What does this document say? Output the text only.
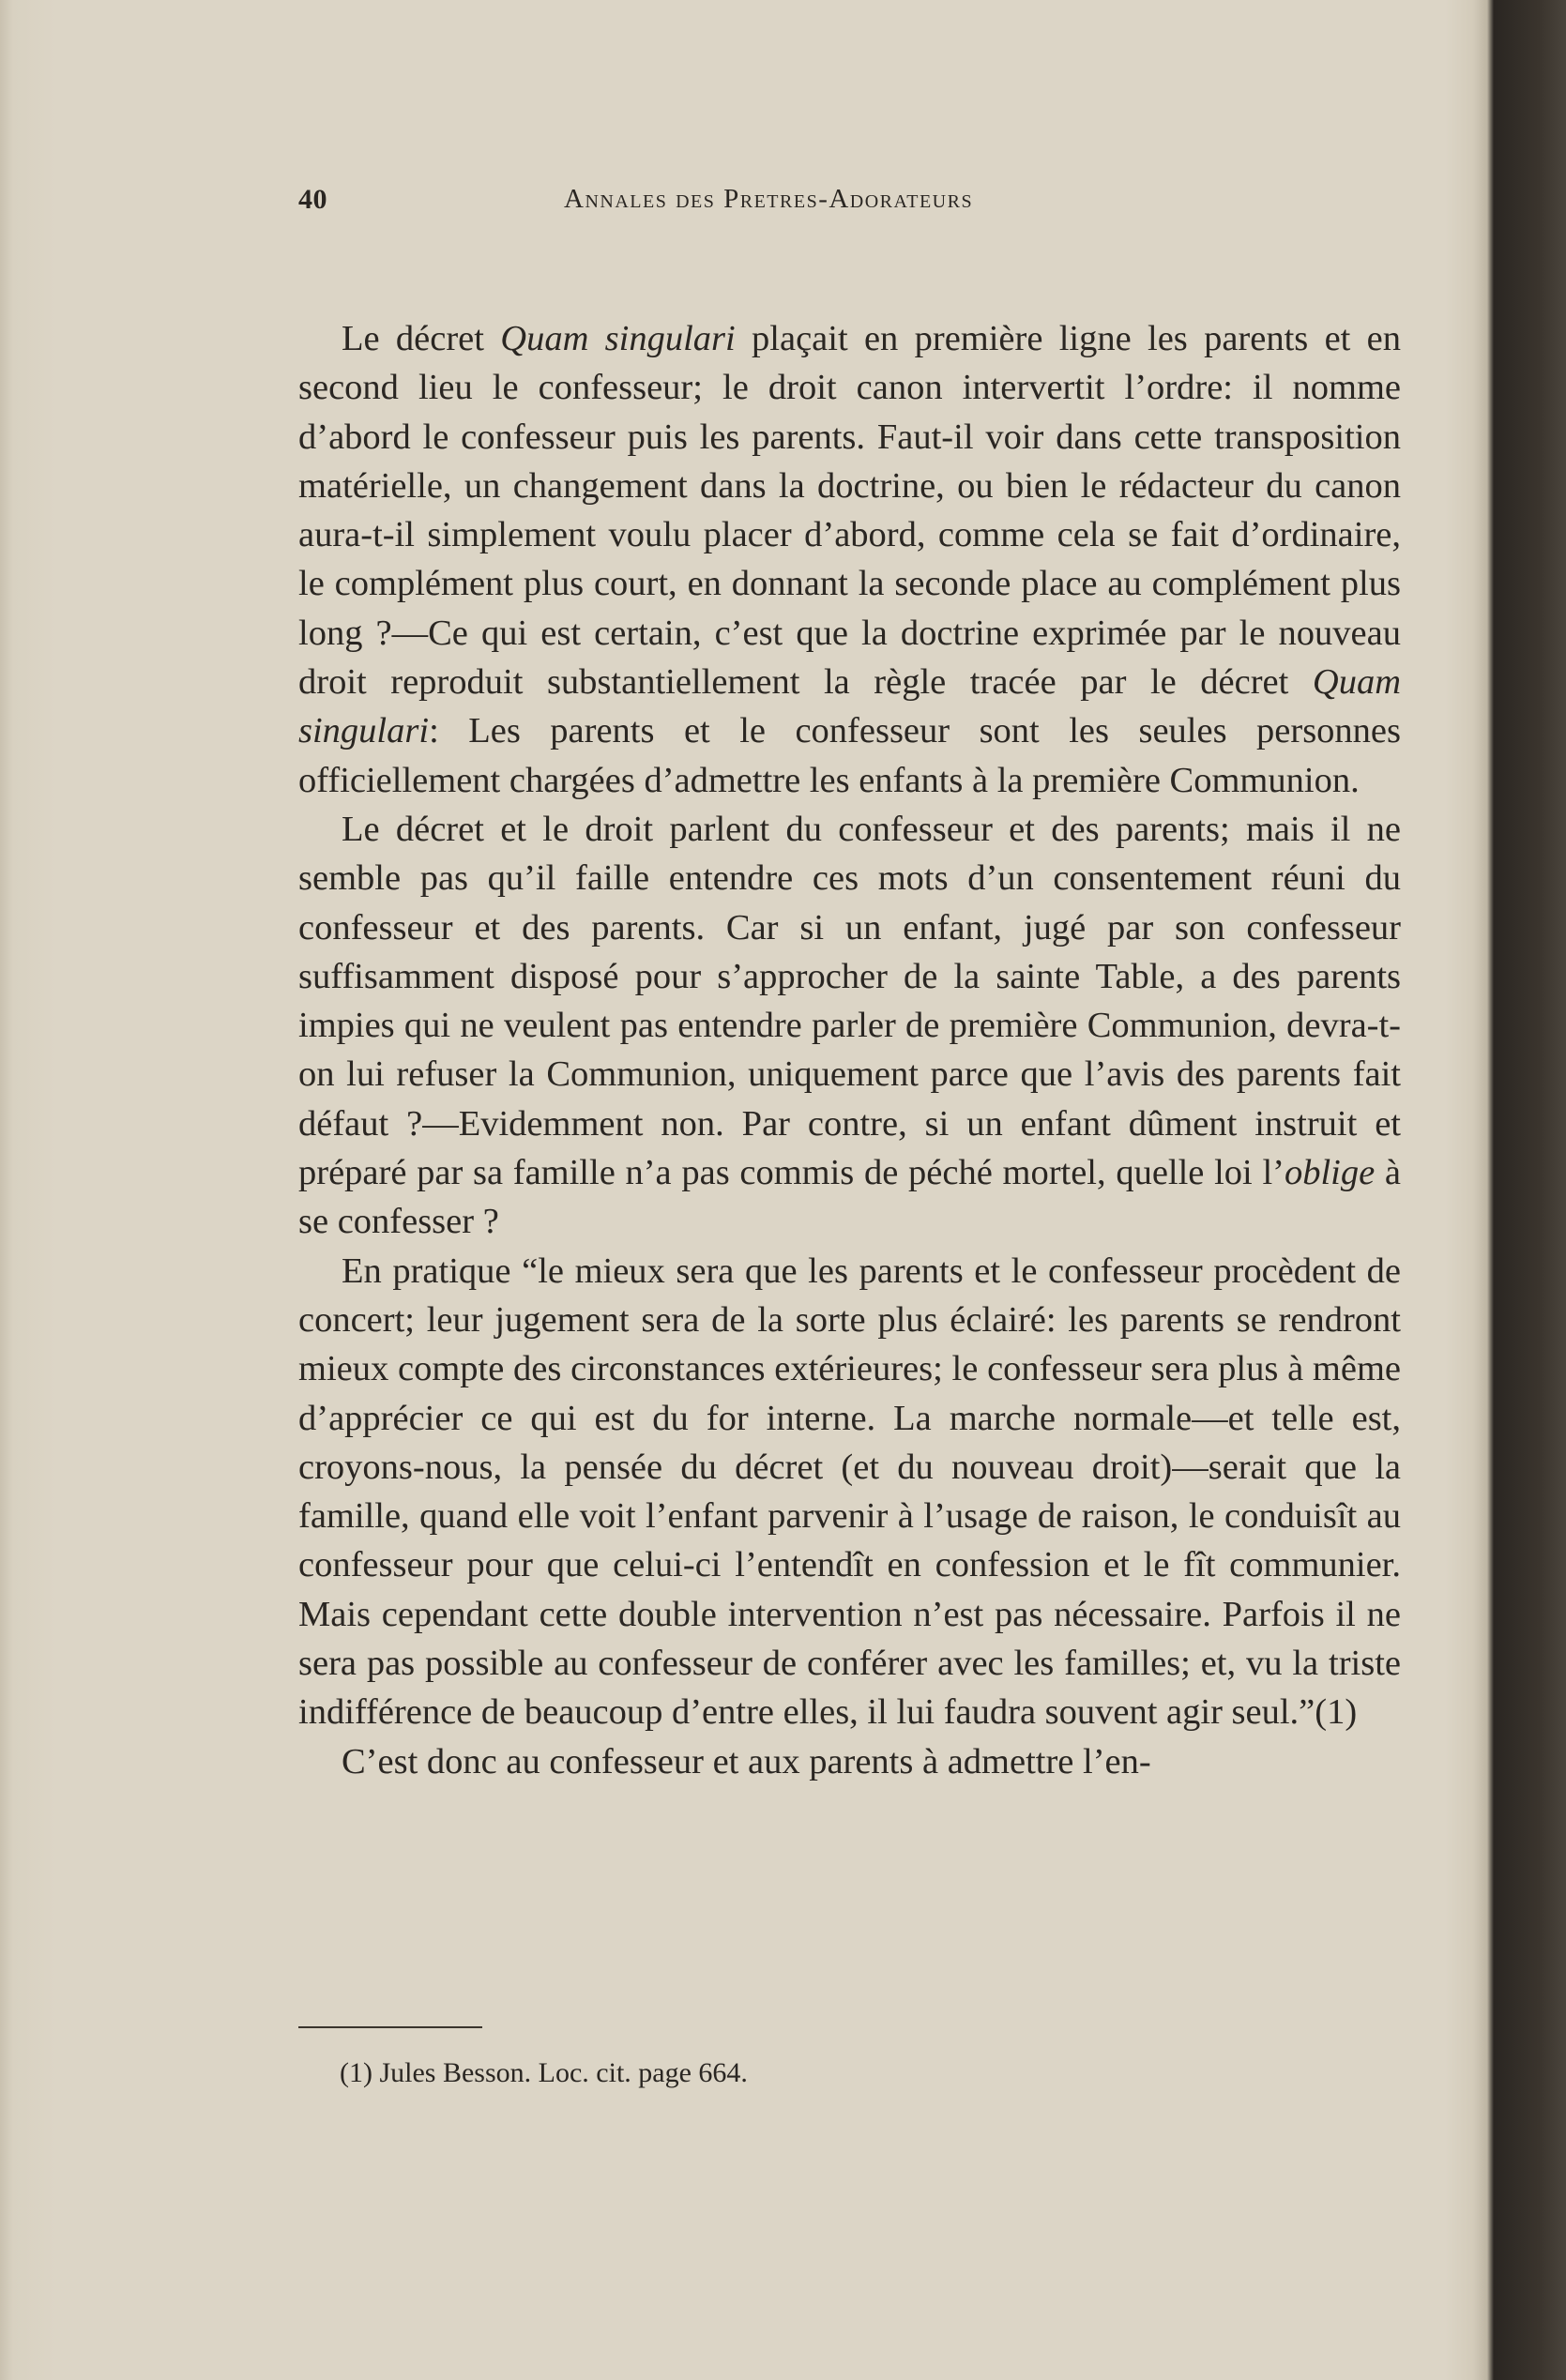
40	Annales des Pretres-Adorateurs

Le décret Quam singulari plaçait en première ligne les parents et en second lieu le confesseur; le droit canon intervertit l’ordre: il nomme d’abord le confesseur puis les parents. Faut-il voir dans cette transposition matérielle, un changement dans la doctrine, ou bien le rédacteur du canon aura-t-il simplement voulu placer d’abord, comme cela se fait d’ordinaire, le complément plus court, en donnant la seconde place au complément plus long ?—Ce qui est certain, c’est que la doctrine exprimée par le nouveau droit reproduit substantiellement la règle tracée par le décret Quam singulari: Les parents et le confesseur sont les seules personnes officiellement chargées d’admettre les enfants à la première Communion.

Le décret et le droit parlent du confesseur et des parents; mais il ne semble pas qu’il faille entendre ces mots d’un consentement réuni du confesseur et des parents. Car si un enfant, jugé par son confesseur suffisamment disposé pour s’approcher de la sainte Table, a des parents impies qui ne veulent pas entendre parler de première Communion, devra-t-on lui refuser la Communion, uniquement parce que l’avis des parents fait défaut ?—Evidemment non. Par contre, si un enfant dûment instruit et préparé par sa famille n’a pas commis de péché mortel, quelle loi l’oblige à se confesser ?

En pratique “le mieux sera que les parents et le confesseur procèdent de concert; leur jugement sera de la sorte plus éclairé: les parents se rendront mieux compte des circonstances extérieures; le confesseur sera plus à même d’apprécier ce qui est du for interne. La marche normale—et telle est, croyons-nous, la pensée du décret (et du nouveau droit)—serait que la famille, quand elle voit l’enfant parvenir à l’usage de raison, le conduisît au confesseur pour que celui-ci l’entendît en confession et le fît communier. Mais cependant cette double intervention n’est pas nécessaire. Parfois il ne sera pas possible au confesseur de conférer avec les familles; et, vu la triste indifférence de beaucoup d’entre elles, il lui faudra souvent agir seul.”(1)

C’est donc au confesseur et aux parents à admettre l’en-

(1) Jules Besson. Loc. cit. page 664.
